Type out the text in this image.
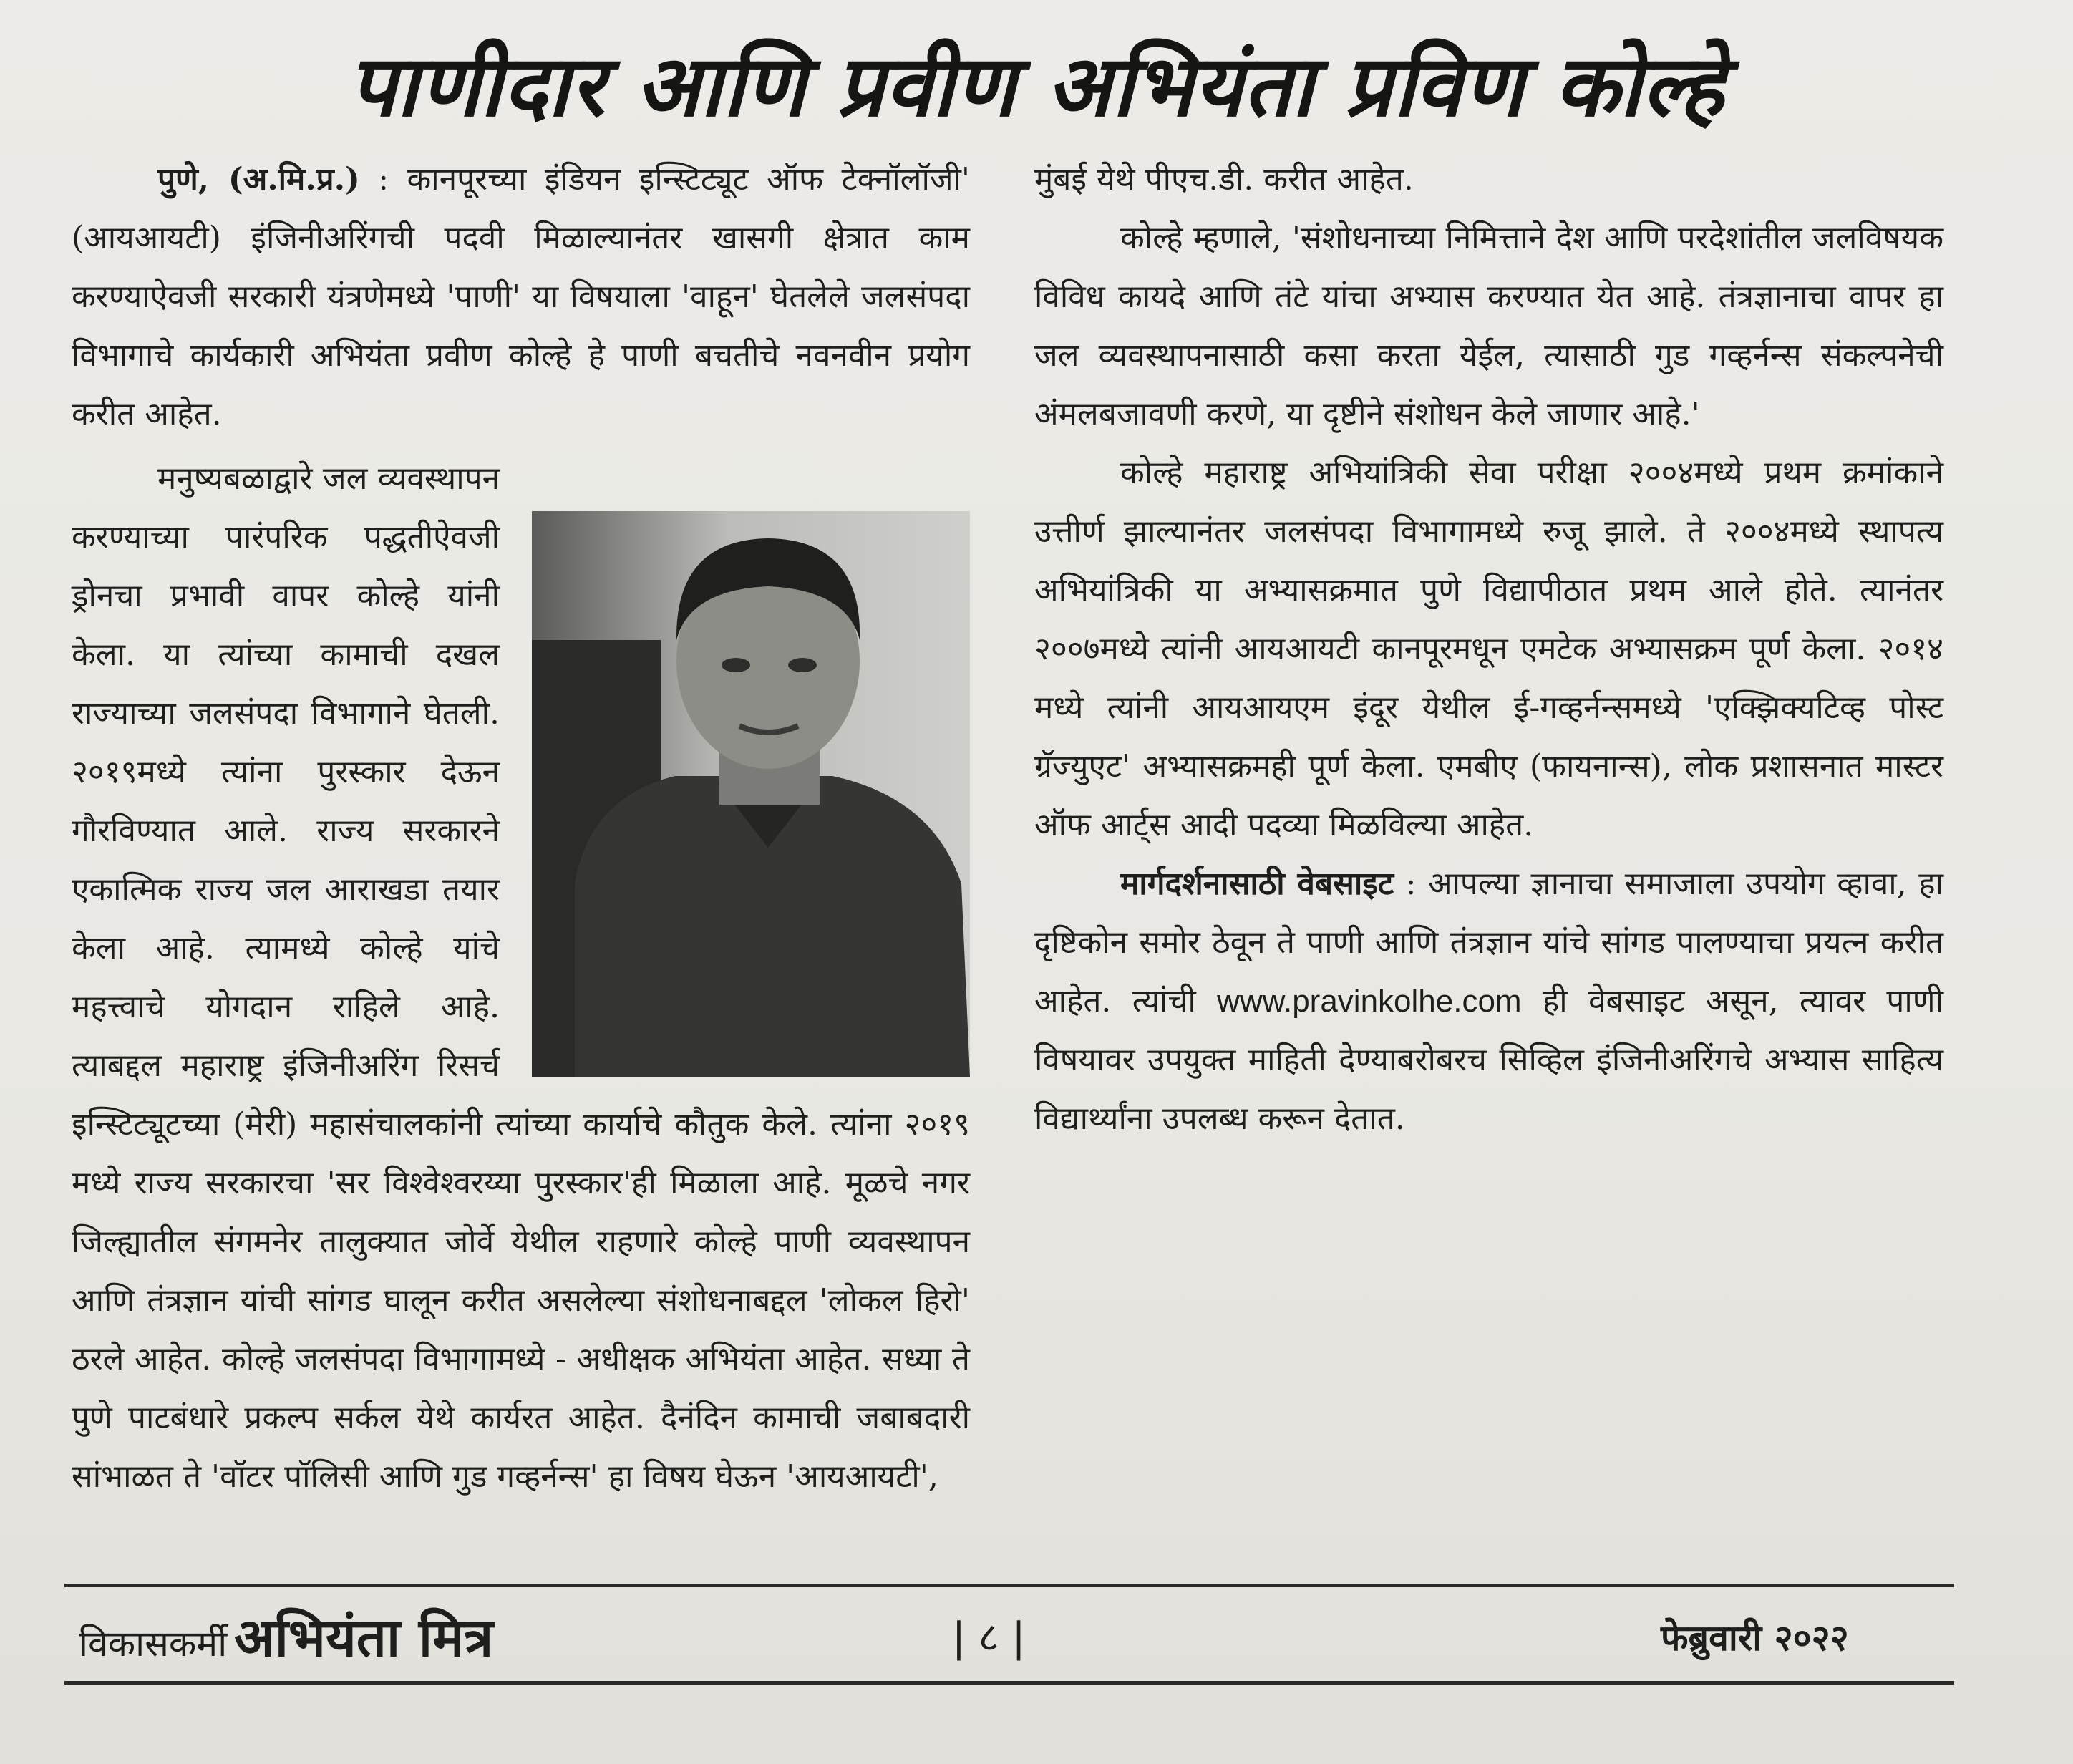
पाणीदार आणि प्रवीण अभियंता प्रविण कोल्हे

पुणे, (अ.मि.प्र.) : कानपूरच्या इंडियन इन्स्टिट्यूट ऑफ टेक्नॉलॉजी' (आयआयटी) इंजिनीअरिंगची पदवी मिळाल्यानंतर खासगी क्षेत्रात काम करण्याऐवजी सरकारी यंत्रणेमध्ये 'पाणी' या विषयाला 'वाहून' घेतलेले जलसंपदा विभागाचे कार्यकारी अभियंता प्रवीण कोल्हे हे पाणी बचतीचे नवनवीन प्रयोग करीत आहेत.

मनुष्यबळाद्वारे जल व्यवस्थापन करण्याच्या पारंपरिक पद्धतीऐवजी ड्रोनचा प्रभावी वापर कोल्हे यांनी केला. या त्यांच्या कामाची दखल राज्याच्या जलसंपदा विभागाने घेतली. २०१९मध्ये त्यांना पुरस्कार देऊन गौरविण्यात आले. राज्य सरकारने एकात्मिक राज्य जल आराखडा तयार केला आहे. त्यामध्ये कोल्हे यांचे महत्त्वाचे योगदान राहिले आहे. त्याबद्दल महाराष्ट्र इंजिनीअरिंग रिसर्च इन्स्टिट्यूटच्या (मेरी) महासंचालकांनी त्यांच्या कार्याचे कौतुक केले. त्यांना २०१९ मध्ये राज्य सरकारचा 'सर विश्वेश्वरय्या पुरस्कार'ही मिळाला आहे. मूळचे नगर जिल्ह्यातील संगमनेर तालुक्यात जोर्वे येथील राहणारे कोल्हे पाणी व्यवस्थापन आणि तंत्रज्ञान यांची सांगड घालून करीत असलेल्या संशोधनाबद्दल 'लोकल हिरो' ठरले आहेत. कोल्हे जलसंपदा विभागामध्ये - अधीक्षक अभियंता आहेत. सध्या ते पुणे पाटबंधारे प्रकल्प सर्कल येथे कार्यरत आहेत. दैनंदिन कामाची जबाबदारी सांभाळत ते 'वॉटर पॉलिसी आणि गुड गव्हर्नन्स' हा विषय घेऊन 'आयआयटी',

मुंबई येथे पीएच.डी. करीत आहेत.

कोल्हे म्हणाले, 'संशोधनाच्या निमित्ताने देश आणि परदेशांतील जलविषयक विविध कायदे आणि तंटे यांचा अभ्यास करण्यात येत आहे. तंत्रज्ञानाचा वापर हा जल व्यवस्थापनासाठी कसा करता येईल, त्यासाठी गुड गव्हर्नन्स संकल्पनेची अंमलबजावणी करणे, या दृष्टीने संशोधन केले जाणार आहे.'

कोल्हे महाराष्ट्र अभियांत्रिकी सेवा परीक्षा २००४मध्ये प्रथम क्रमांकाने उत्तीर्ण झाल्यानंतर जलसंपदा विभागामध्ये रुजू झाले. ते २००४मध्ये स्थापत्य अभियांत्रिकी या अभ्यासक्रमात पुणे विद्यापीठात प्रथम आले होते. त्यानंतर २००७मध्ये त्यांनी आयआयटी कानपूरमधून एमटेक अभ्यासक्रम पूर्ण केला. २०१४ मध्ये त्यांनी आयआयएम इंदूर येथील ई-गव्हर्नन्समध्ये 'एक्झिक्यटिव्ह पोस्ट ग्रॅज्युएट' अभ्यासक्रमही पूर्ण केला. एमबीए (फायनान्स), लोक प्रशासनात मास्टर ऑफ आर्ट्स आदी पदव्या मिळविल्या आहेत.

मार्गदर्शनासाठी वेबसाइट : आपल्या ज्ञानाचा समाजाला उपयोग व्हावा, हा दृष्टिकोन समोर ठेवून ते पाणी आणि तंत्रज्ञान यांचे सांगड पालण्याचा प्रयत्न करीत आहेत. त्यांची www.pravinkolhe.com ही वेबसाइट असून, त्यावर पाणी विषयावर उपयुक्त माहिती देण्याबरोबरच सिव्हिल इंजिनीअरिंगचे अभ्यास साहित्य विद्यार्थ्यांना उपलब्ध करून देतात.

विकासकर्मी अभियंता मित्र	| ८ |	फेब्रुवारी २०२२
